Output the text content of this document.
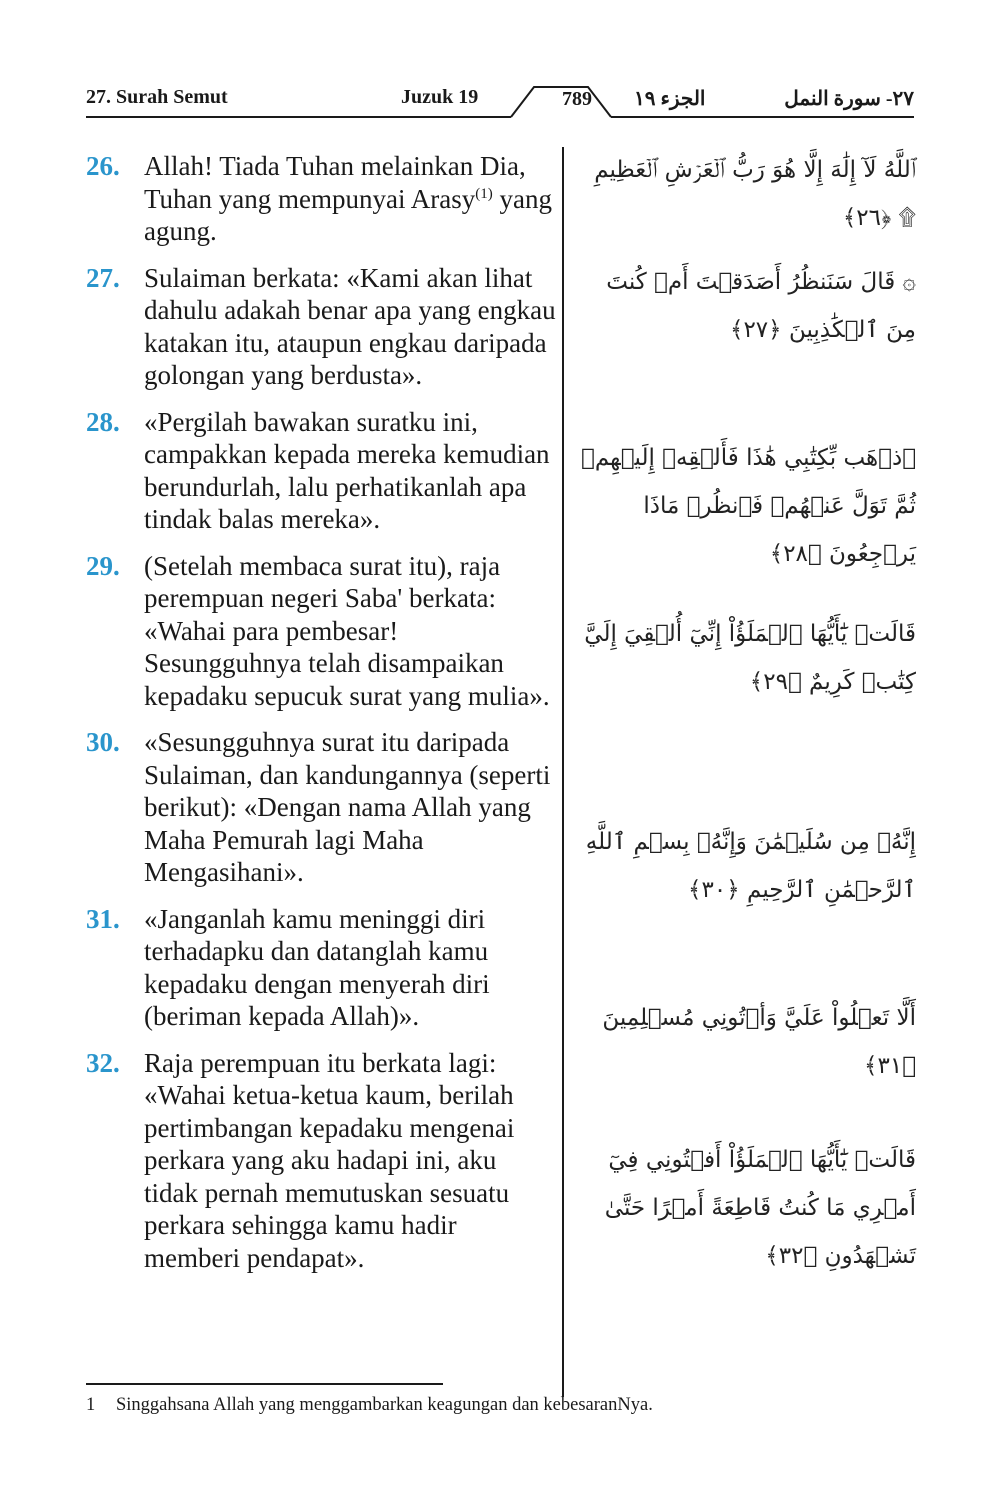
27. Surah Semut	Juzuk 19	789	الجزء ١٩	٢٧- سورة النمل
26. Allah! Tiada Tuhan melainkan Dia, Tuhan yang mempunyai Arasy$^{(1)}$ yang agung.
27. Sulaiman berkata: «Kami akan lihat dahulu adakah benar apa yang engkau katakan itu, ataupun engkau daripada golongan yang berdusta».
28. «Pergilah bawakan suratku ini, campakkan kepada mereka kemudian berundurlah, lalu perhatikanlah apa tindak balas mereka».
29. (Setelah membaca surat itu), raja perempuan negeri Saba' berkata: «Wahai para pembesar! Sesungguhnya telah disampaikan kepadaku sepucuk surat yang mulia».
30. «Sesungguhnya surat itu daripada Sulaiman, dan kandungannya (seperti berikut): «Dengan nama Allah yang Maha Pemurah lagi Maha Mengasihani».
31. «Janganlah kamu meninggi diri terhadapku dan datanglah kamu kepadaku dengan menyerah diri (beriman kepada Allah)».
32. Raja perempuan itu berkata lagi: «Wahai ketua-ketua kaum, berilah pertimbangan kepadaku mengenai perkara yang aku hadapi ini, aku tidak pernah memutuskan sesuatu perkara sehingga kamu hadir memberi pendapat».
ٱللَّهُ لَآ إِلَٰهَ إِلَّا هُوَ رَبُّ ٱلۡعَرۡشِ ٱلۡعَظِيمِ ۩ ﴿٢٦﴾
۞ قَالَ سَنَنظُرُ أَصَدَقۡتَ أَمۡ كُنتَ مِنَ ٱلۡكَٰذِبِينَ ﴿٢٧﴾
ٱذۡهَب بِّكِتَٰبِي هَٰذَا فَأَلۡقِهۡ إِلَيۡهِمۡ ثُمَّ تَوَلَّ عَنۡهُمۡ فَٱنظُرۡ مَاذَا يَرۡجِعُونَ ﴿٢٨﴾
قَالَتۡ يَٰٓأَيُّهَا ٱلۡمَلَؤُاْ إِنِّيٓ أُلۡقِيَ إِلَيَّ كِتَٰبٞ كَرِيمٌ ﴿٢٩﴾
إِنَّهُۥ مِن سُلَيۡمَٰنَ وَإِنَّهُۥ بِسۡمِ ٱللَّهِ ٱلرَّحۡمَٰنِ ٱلرَّحِيمِ ﴿٣٠﴾
أَلَّا تَعۡلُواْ عَلَيَّ وَأۡتُونِي مُسۡلِمِينَ ﴿٣١﴾
قَالَتۡ يَٰٓأَيُّهَا ٱلۡمَلَؤُاْ أَفۡتُونِي فِيٓ أَمۡرِي مَا كُنتُ قَاطِعَةً أَمۡرًا حَتَّىٰ تَشۡهَدُونِ ﴿٣٢﴾
1 Singgahsana Allah yang menggambarkan keagungan dan kebesaranNya.
